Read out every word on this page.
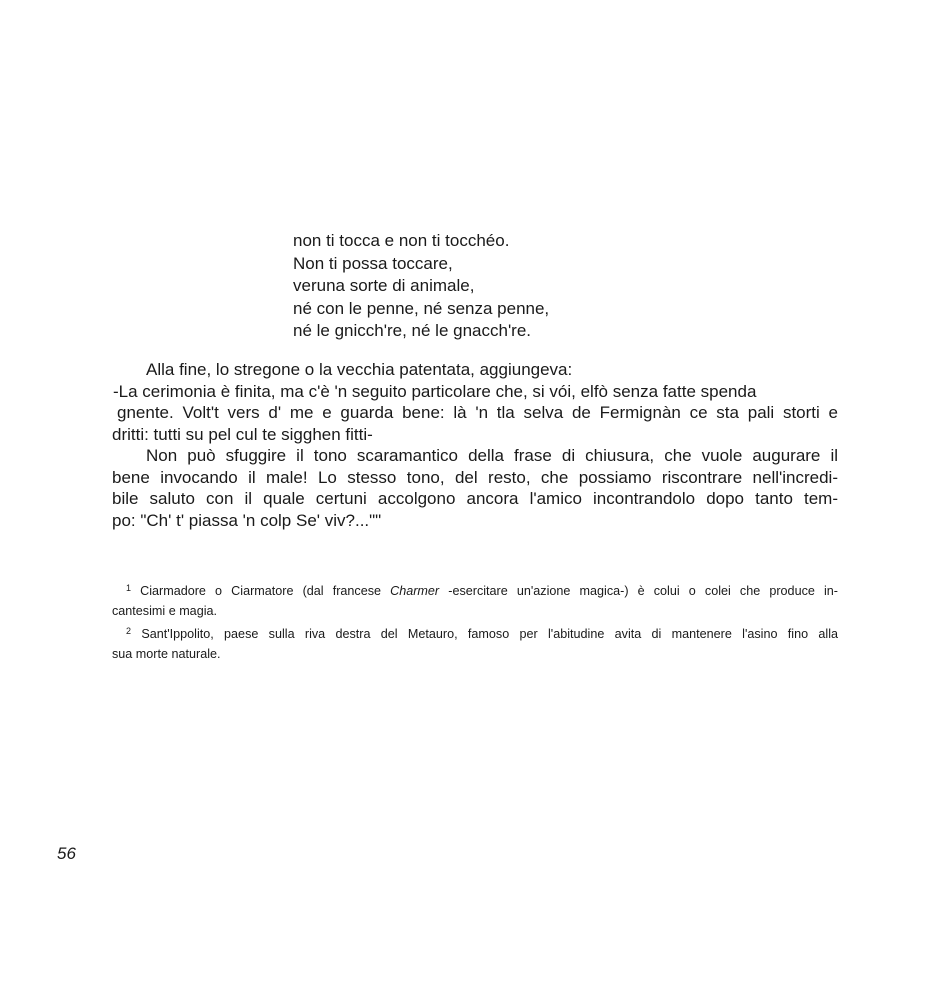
non ti tocca e non ti tocchéo.
Non ti possa toccare,
veruna sorte di animale,
né con le penne, né senza penne,
né le gnicch're, né le gnacch're.
Alla fine, lo stregone o la vecchia patentata, aggiungeva:
-La cerimonia è finita, ma c'è 'n seguito particolare che, si vói, elfò senza fatte spenda
gnente. Volt't vers d' me e guarda bene: là 'n tla selva de Fermignàn ce sta pali storti e
dritti: tutti su pel cul te sigghen fitti-
Non può sfuggire il tono scaramantico della frase di chiusura, che vuole augurare il
bene invocando il male! Lo stesso tono, del resto, che possiamo riscontrare nell'incredi-
bile saluto con il quale certuni accolgono ancora l'amico incontrandolo dopo tanto tem-
po: "Ch' t' piassa 'n colp Se' viv?...""
$^1$ Ciarmadore o Ciarmatore (dal francese Charmer -esercitare un'azione magica-) è colui o colei che produce in-
cantesimi e magia.
$^2$ Sant'Ippolito, paese sulla riva destra del Metauro, famoso per l'abitudine avita di mantenere l'asino fino alla
sua morte naturale.
56
